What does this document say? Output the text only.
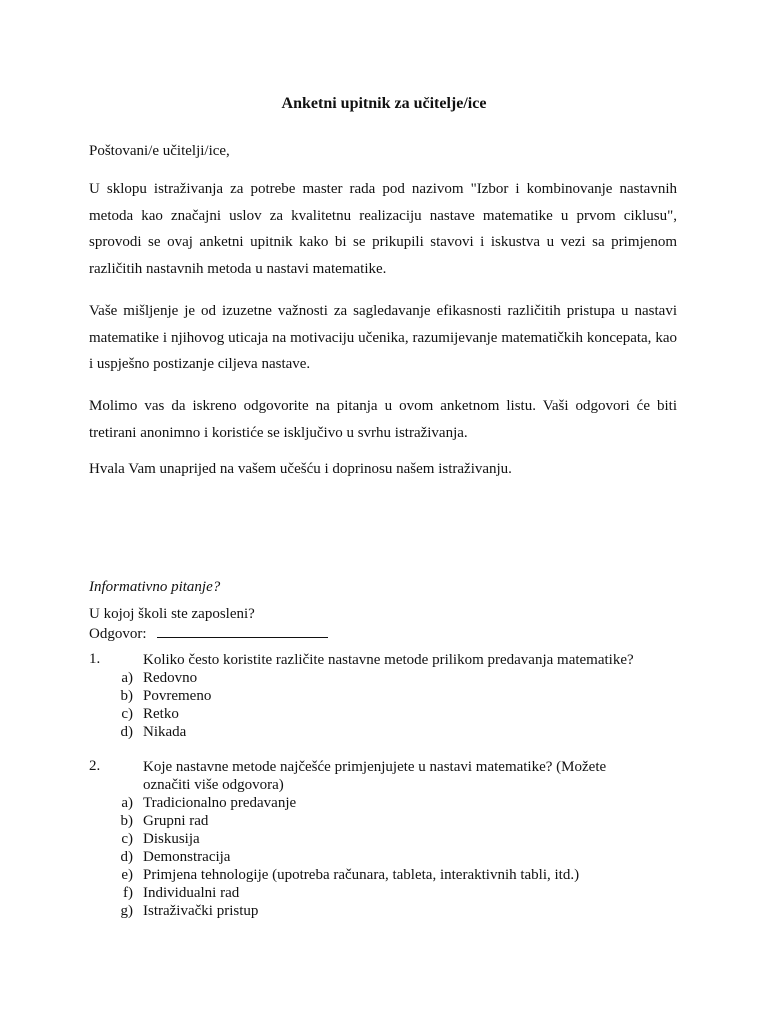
Anketni upitnik za učitelje/ice
Poštovani/e učitelji/ice,
U sklopu istraživanja za potrebe master rada pod nazivom "Izbor i kombinovanje nastavnih metoda kao značajni uslov za kvalitetnu realizaciju nastave matematike u prvom ciklusu", sprovodi se ovaj anketni upitnik kako bi se prikupili stavovi i iskustva u vezi sa primjenom različitih nastavnih metoda u nastavi matematike.
Vaše mišljenje je od izuzetne važnosti za sagledavanje efikasnosti različitih pristupa u nastavi matematike i njihovog uticaja na motivaciju učenika, razumijevanje matematičkih koncepata, kao i uspješno postizanje ciljeva nastave.
Molimo vas da iskreno odgovorite na pitanja u ovom anketnom listu. Vaši odgovori će biti tretirani anonimno i koristiće se isključivo u svrhu istraživanja.
Hvala Vam unaprijed na vašem učešću i doprinosu našem istraživanju.
Informativno pitanje?
U kojoj školi ste zaposleni?
Odgovor:
1.	Koliko često koristite različite nastavne metode prilikom predavanja matematike?
a) Redovno
b) Povremeno
c) Retko
d) Nikada
2.	Koje nastavne metode najčešće primjenjujete u nastavi matematike? (Možete
označiti više odgovora)
a) Tradicionalno predavanje
b) Grupni rad
c) Diskusija
d) Demonstracija
e) Primjena tehnologije (upotreba računara, tableta, interaktivnih tabli, itd.)
f) Individualni rad
g) Istraživački pristup
